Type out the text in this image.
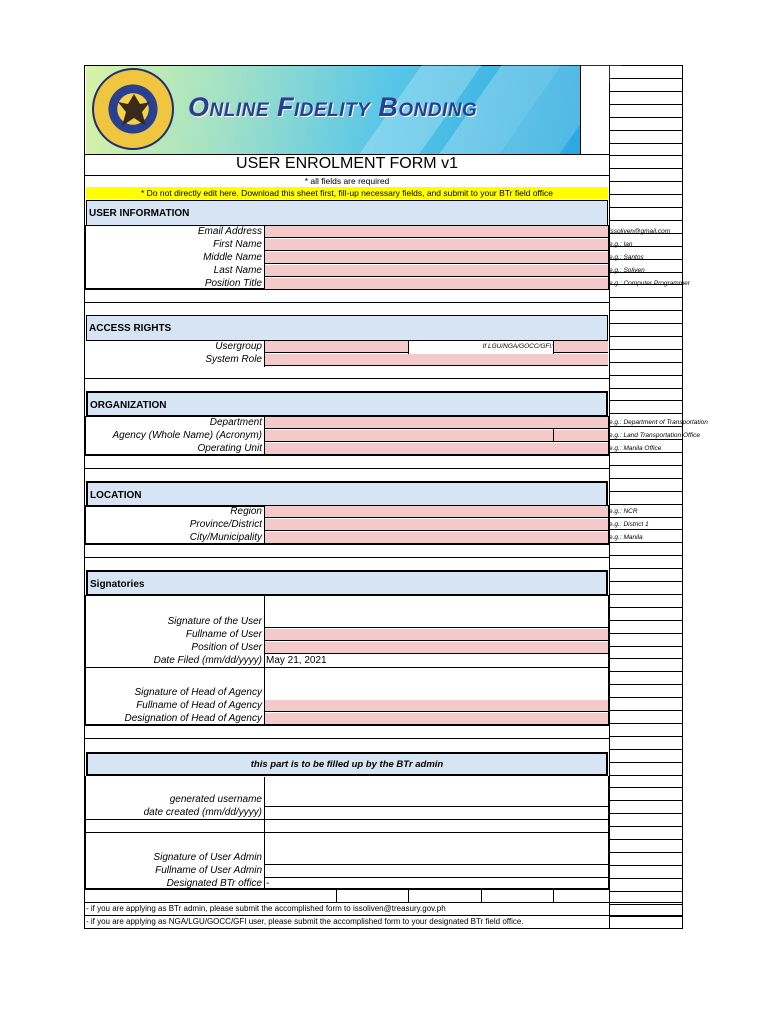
Online Fidelity Bonding
USER ENROLMENT FORM v1
* all fields are required
* Do not directly edit here. Download this sheet first, fill-up necessary fields, and submit to your BTr field office
USER INFORMATION
Email Address	issoliven@gmail.com
First Name	e.g.: Ian
Middle Name	e.g.: Santos
Last Name	e.g.: Soliven
Position Title	e.g.: Computer Programmer
ACCESS RIGHTS
Usergroup	If LGU/NGA/GOCC/GFI:
System Role
ORGANIZATION
Department	e.g.: Department of Transportation
Agency (Whole Name) (Acronym)	e.g.: Land Transportation Office
Operating Unit	e.g.: Manila Office
LOCATION
Region	e.g.: NCR
Province/District	e.g.: District 1
City/Municipality	e.g.: Manila
Signatories
Signature of the User
Fullname of User
Position of User
Date Filed (mm/dd/yyyy) May 21, 2021
Signature of Head of Agency
Fullname of Head of Agency
Designation of Head of Agency
this part is to be filled up by the BTr admin
generated username
date created (mm/dd/yyyy)
Signature of User Admin
Fullname of User Admin
Designated BTr office -
- if you are applying as BTr admin, please submit the accomplished form to issoliven@treasury.gov.ph
- if you are applying as NGA/LGU/GOCC/GFI user, please submit the accomplished form to your designated BTr field office.
